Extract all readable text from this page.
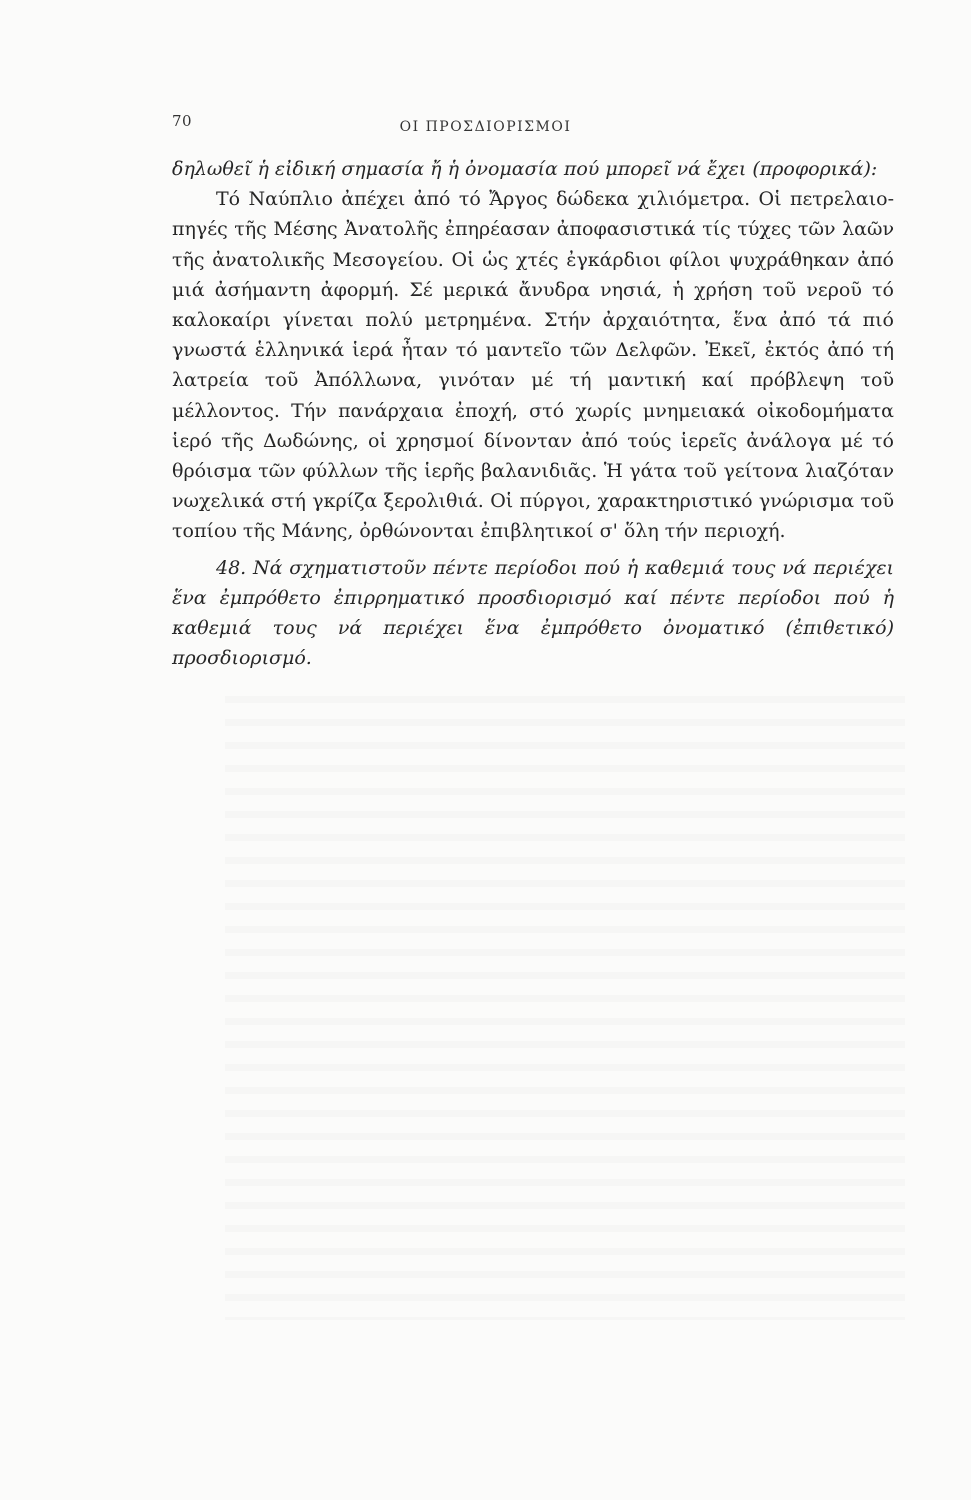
70	ΟΙ ΠΡΟΣΔΙΟΡΙΣΜΟΙ

δηλωθεῖ ἡ εἰδική σημασία ἤ ἡ ὀνομασία πού μπορεῖ νά ἔχει (προφορικά):

Τό Ναύπλιο ἀπέχει ἀπό τό Ἄργος δώδεκα χιλιόμετρα. Οἱ πετρελαιο-πηγές τῆς Μέσης Ἀνατολῆς ἐπηρέασαν ἀποφασιστικά τίς τύχες τῶν λαῶν τῆς ἀνατολικῆς Μεσογείου. Οἱ ὡς χτές ἐγκάρδιοι φίλοι ψυχράθηκαν ἀπό μιά ἀσήμαντη ἀφορμή. Σέ μερικά ἄνυδρα νησιά, ἡ χρήση τοῦ νεροῦ τό καλοκαίρι γίνεται πολύ μετρημένα. Στήν ἀρχαιότητα, ἕνα ἀπό τά πιό γνωστά ἑλληνικά ἱερά ἦταν τό μαντεῖο τῶν Δελφῶν. Ἐκεῖ, ἐκτός ἀπό τή λατρεία τοῦ Ἀπόλλωνα, γινόταν μέ τή μαντική καί πρόβλεψη τοῦ μέλλοντος. Τήν πανάρχαια ἐποχή, στό χωρίς μνημειακά οἰκοδομήματα ἱερό τῆς Δωδώνης, οἱ χρησμοί δίνονταν ἀπό τούς ἱερεῖς ἀνάλογα μέ τό θρόισμα τῶν φύλλων τῆς ἱερῆς βαλανιδιᾶς. Ἡ γάτα τοῦ γείτονα λιαζόταν νωχελικά στή γκρίζα ξερολιθιά. Οἱ πύργοι, χαρακτηριστικό γνώρισμα τοῦ τοπίου τῆς Μάνης, ὀρθώνονται ἐπιβλητικοί σ' ὅλη τήν περιοχή.

48. Νά σχηματιστοῦν πέντε περίοδοι πού ἡ καθεμιά τους νά περιέχει ἕνα ἐμπρόθετο ἐπιρρηματικό προσδιορισμό καί πέντε περίοδοι πού ἡ καθεμιά τους νά περιέχει ἕνα ἐμπρόθετο ὀνοματικό (ἐπιθετικό) προσδιορισμό.
